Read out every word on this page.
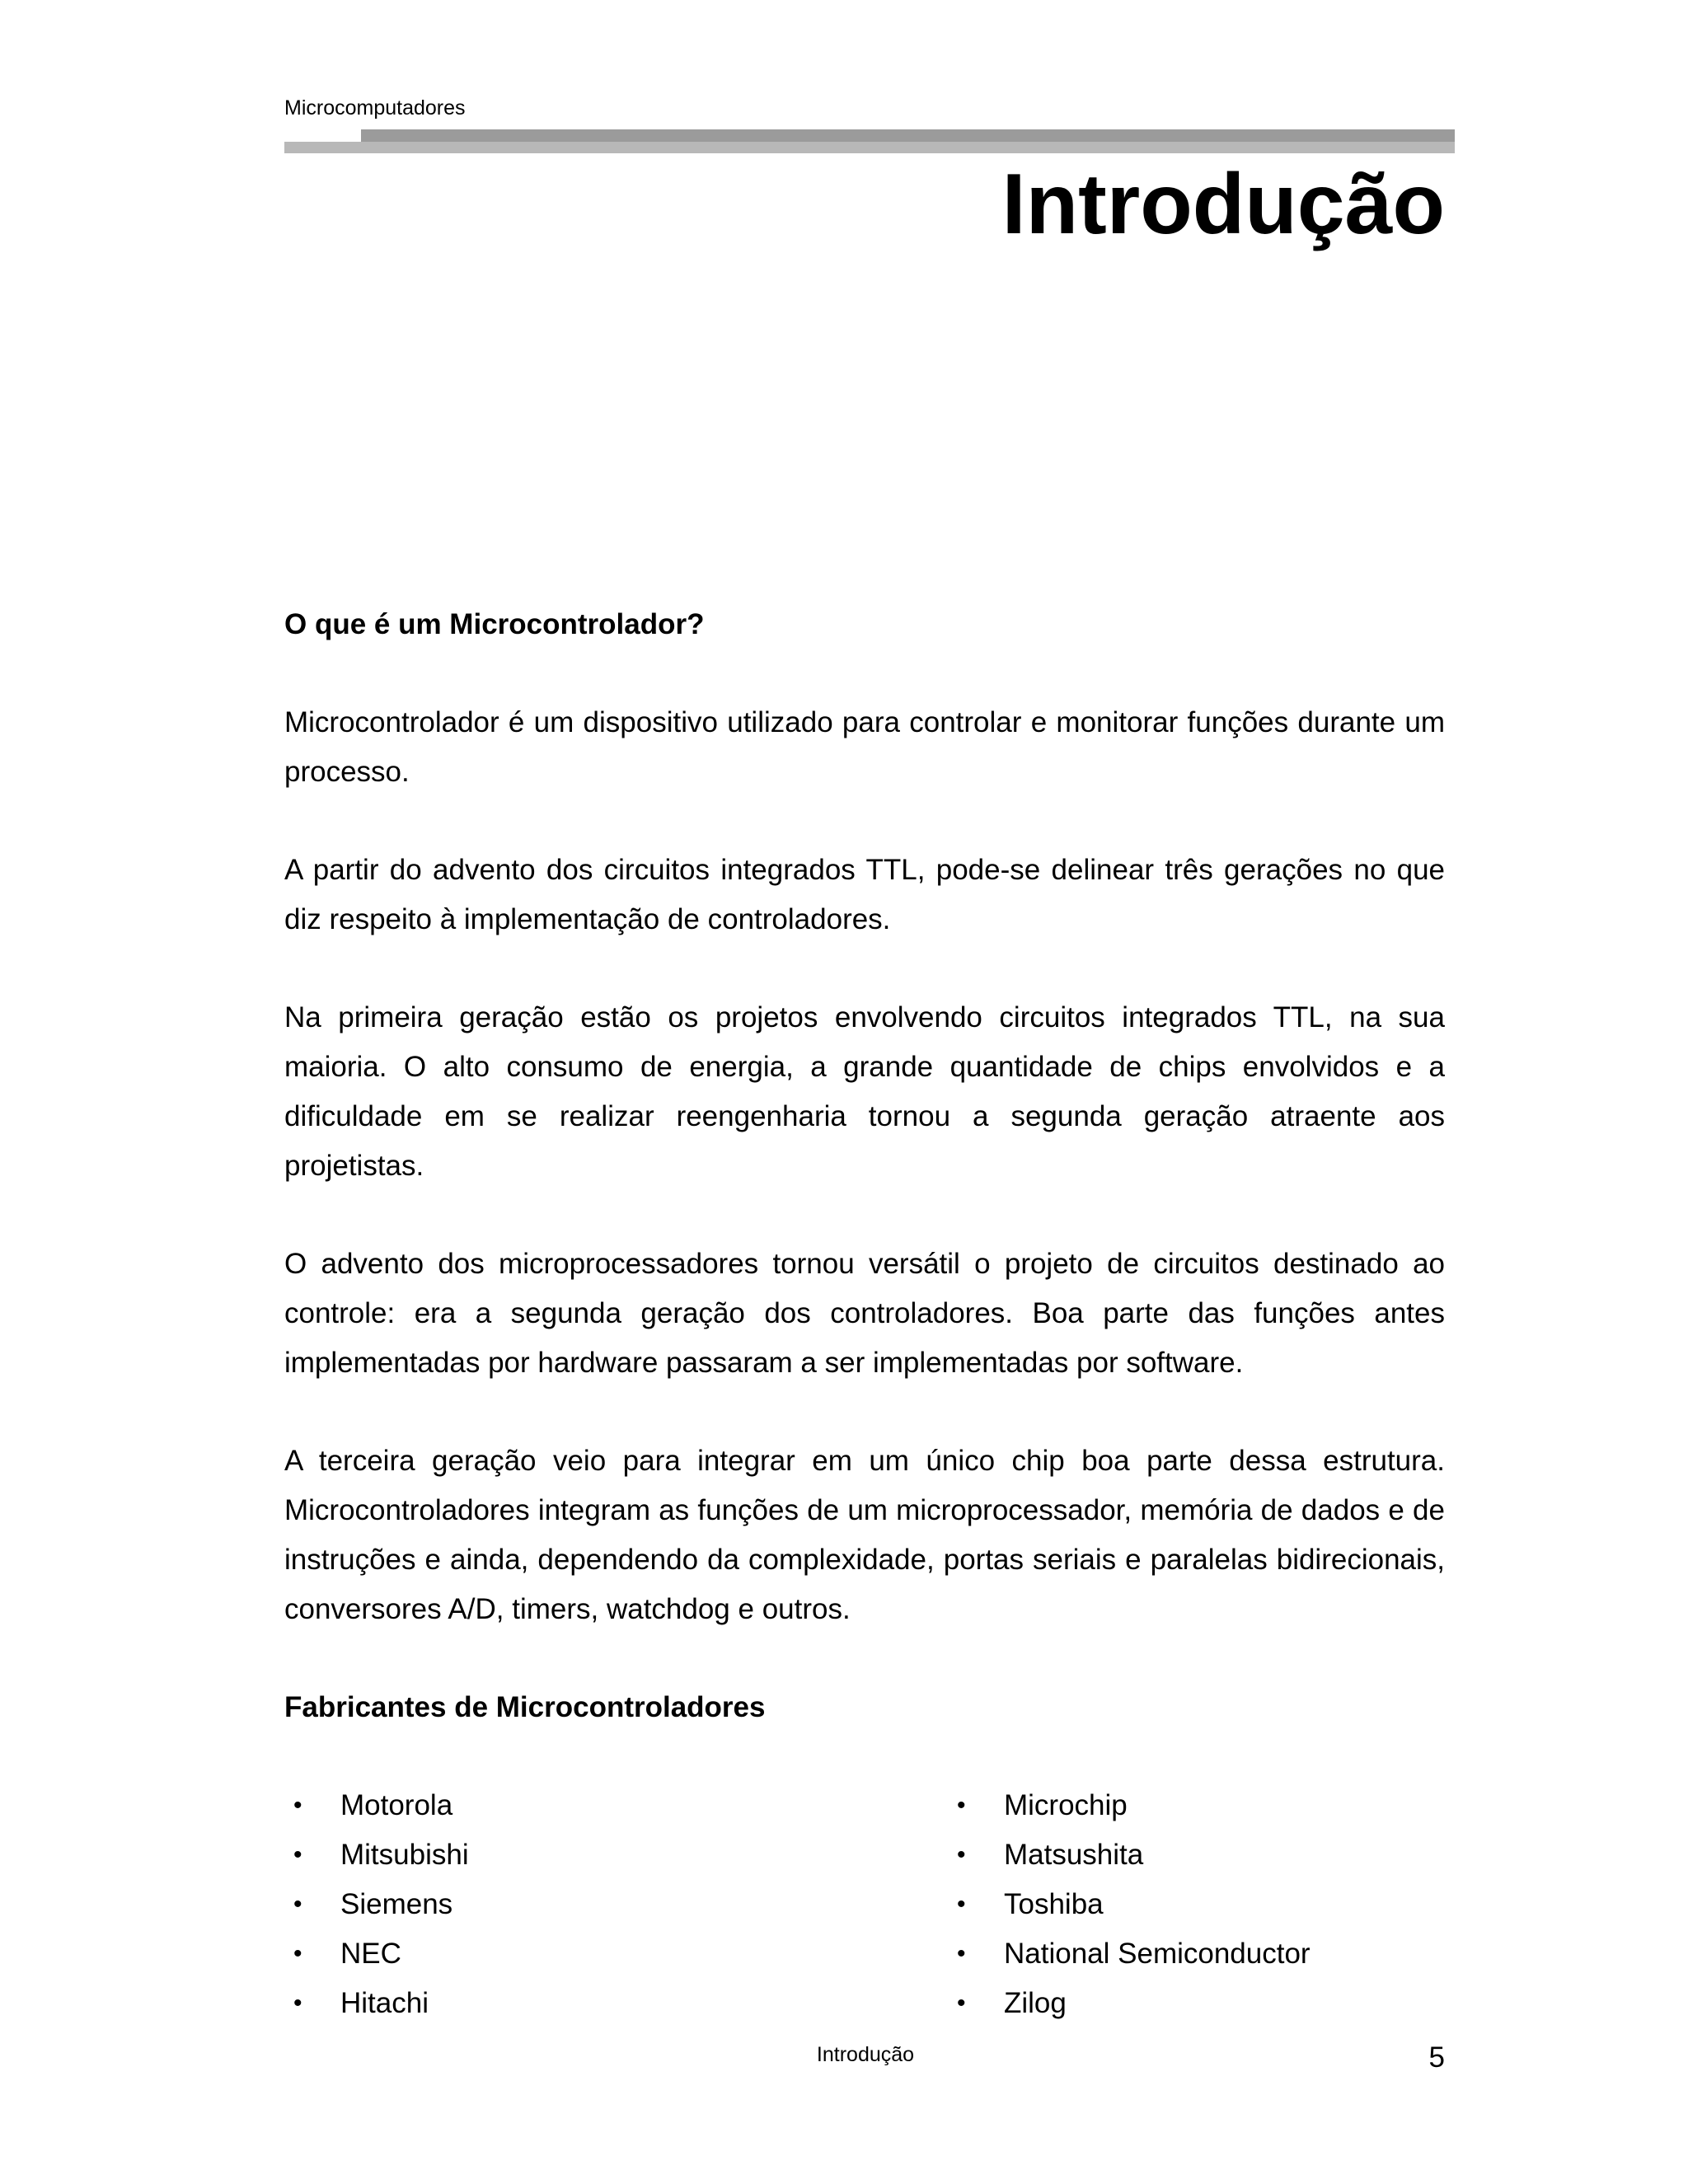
Microcomputadores
Introdução
O que é um Microcontrolador?

Microcontrolador é um dispositivo utilizado para controlar e monitorar funções durante um processo.

A partir do advento dos circuitos integrados TTL, pode-se delinear três gerações no que diz respeito à implementação de controladores.

Na primeira geração estão os projetos envolvendo circuitos integrados TTL, na sua maioria. O alto consumo de energia, a grande quantidade de chips envolvidos e a dificuldade em se realizar reengenharia tornou a segunda geração atraente aos projetistas.

O advento dos microprocessadores tornou versátil o projeto de circuitos destinado ao controle: era a segunda geração dos controladores. Boa parte das funções antes implementadas por hardware passaram a ser implementadas por software.

A terceira geração veio para integrar em um único chip boa parte dessa estrutura. Microcontroladores integram as funções de um microprocessador, memória de dados e de instruções e ainda, dependendo da complexidade, portas seriais e paralelas bidirecionais, conversores A/D, timers, watchdog e outros.

Fabricantes de Microcontroladores
• Motorola
• Mitsubishi
• Siemens
• NEC
• Hitachi
• Microchip
• Matsushita
• Toshiba
• National Semiconductor
• Zilog
Introdução	5
